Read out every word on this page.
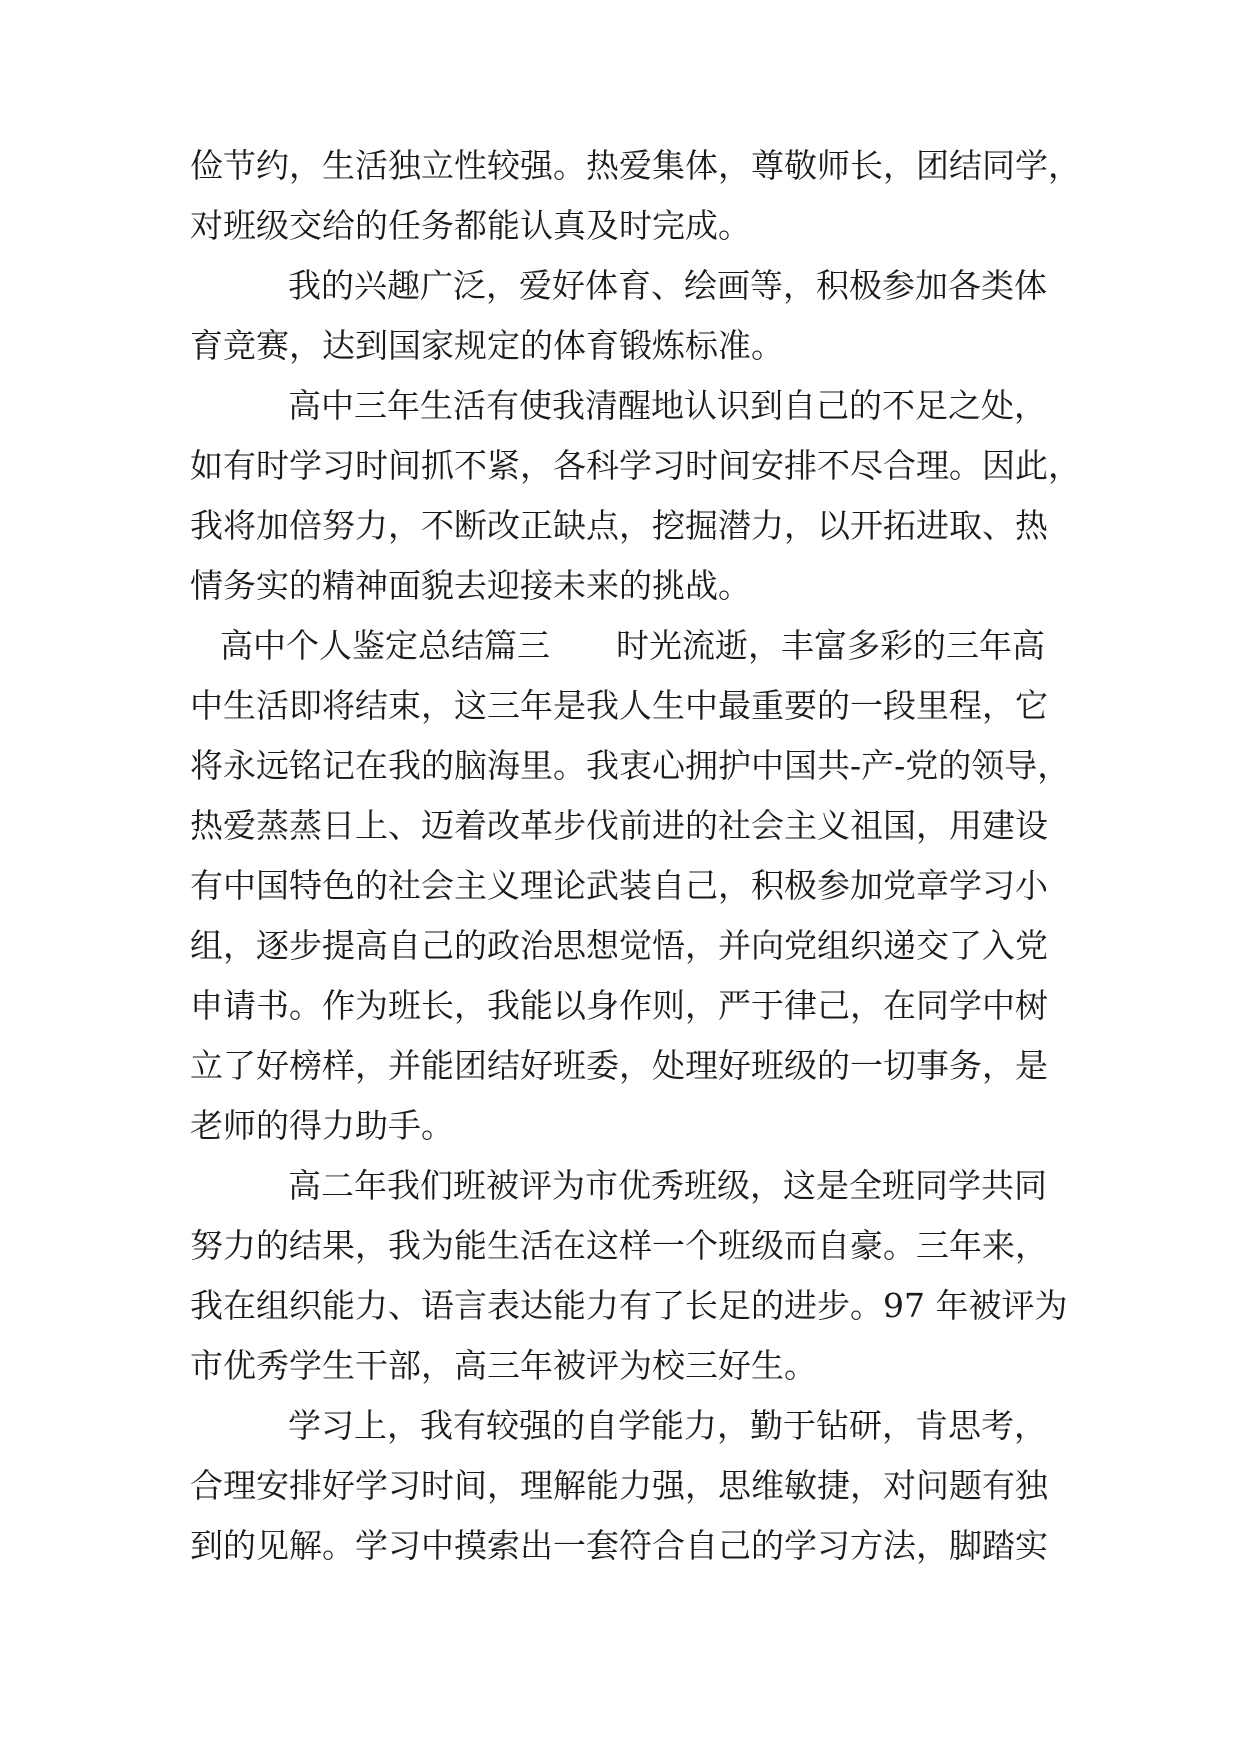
俭节约，生活独立性较强。热爱集体，尊敬师长，团结同学，
对班级交给的任务都能认真及时完成。
我的兴趣广泛，爱好体育、绘画等，积极参加各类体
育竞赛，达到国家规定的体育锻炼标准。
高中三年生活有使我清醒地认识到自己的不足之处，
如有时学习时间抓不紧，各科学习时间安排不尽合理。因此，
我将加倍努力，不断改正缺点，挖掘潜力，以开拓进取、热
情务实的精神面貌去迎接未来的挑战。
高中个人鉴定总结篇三　　时光流逝，丰富多彩的三年高
中生活即将结束，这三年是我人生中最重要的一段里程，它
将永远铭记在我的脑海里。我衷心拥护中国共-产-党的领导，
热爱蒸蒸日上、迈着改革步伐前进的社会主义祖国，用建设
有中国特色的社会主义理论武装自己，积极参加党章学习小
组，逐步提高自己的政治思想觉悟，并向党组织递交了入党
申请书。作为班长，我能以身作则，严于律己，在同学中树
立了好榜样，并能团结好班委，处理好班级的一切事务，是
老师的得力助手。
高二年我们班被评为市优秀班级，这是全班同学共同
努力的结果，我为能生活在这样一个班级而自豪。三年来，
我在组织能力、语言表达能力有了长足的进步。97 年被评为
市优秀学生干部，高三年被评为校三好生。
学习上，我有较强的自学能力，勤于钻研，肯思考，
合理安排好学习时间，理解能力强，思维敏捷，对问题有独
到的见解。学习中摸索出一套符合自己的学习方法，脚踏实
